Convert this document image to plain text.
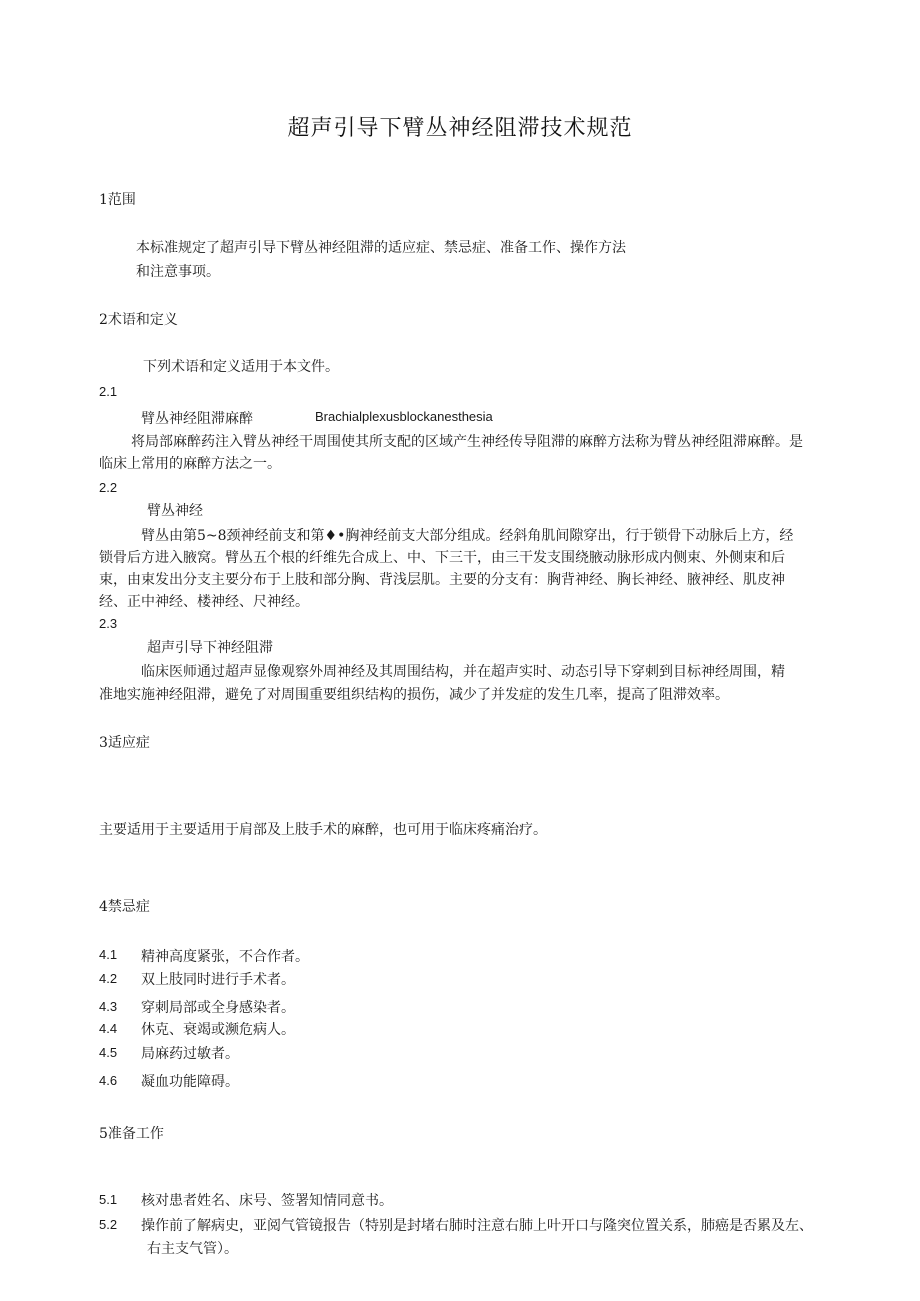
超声引导下臂丛神经阻滞技术规范
1范围
本标准规定了超声引导下臂丛神经阻滞的适应症、禁忌症、准备工作、操作方法
和注意事项。
2术语和定义
下列术语和定义适用于本文件。
2.1
臂丛神经阻滞麻醉	Brachialplexusblockanesthesia
将局部麻醉药注入臂丛神经干周围使其所支配的区域产生神经传导阻滞的麻醉方法称为臂丛神经阻滞麻醉。是
临床上常用的麻醉方法之一。
2.2
臂丛神经
臂丛由第5~8颈神经前支和第♦•胸神经前支大部分组成。经斜角肌间隙穿出，行于锁骨下动脉后上方，经
锁骨后方进入腋窝。臂丛五个根的纤维先合成上、中、下三干，由三干发支围绕腋动脉形成内侧束、外侧束和后
束，由束发出分支主要分布于上肢和部分胸、背浅层肌。主要的分支有：胸背神经、胸长神经、腋神经、肌皮神
经、正中神经、楼神经、尺神经。
2.3
超声引导下神经阻滞
临床医师通过超声显像观察外周神经及其周围结构，并在超声实时、动态引导下穿刺到目标神经周围，精
准地实施神经阻滞，避免了对周围重要组织结构的损伤，减少了并发症的发生几率，提高了阻滞效率。
3适应症
主要适用于主要适用于肩部及上肢手术的麻醉，也可用于临床疼痛治疗。
4禁忌症
4.1 精神高度紧张，不合作者。
4.2 双上肢同时进行手术者。
4.3 穿刺局部或全身感染者。
4.4 休克、衰竭或濒危病人。
4.5 局麻药过敏者。
4.6 凝血功能障碍。
5准备工作
5.1 核对患者姓名、床号、签署知情同意书。
5.2 操作前了解病史，亚阅气管镜报告（特别是封堵右肺时注意右肺上叶开口与隆突位置关系，肺癌是否累及左、
右主支气管）。
